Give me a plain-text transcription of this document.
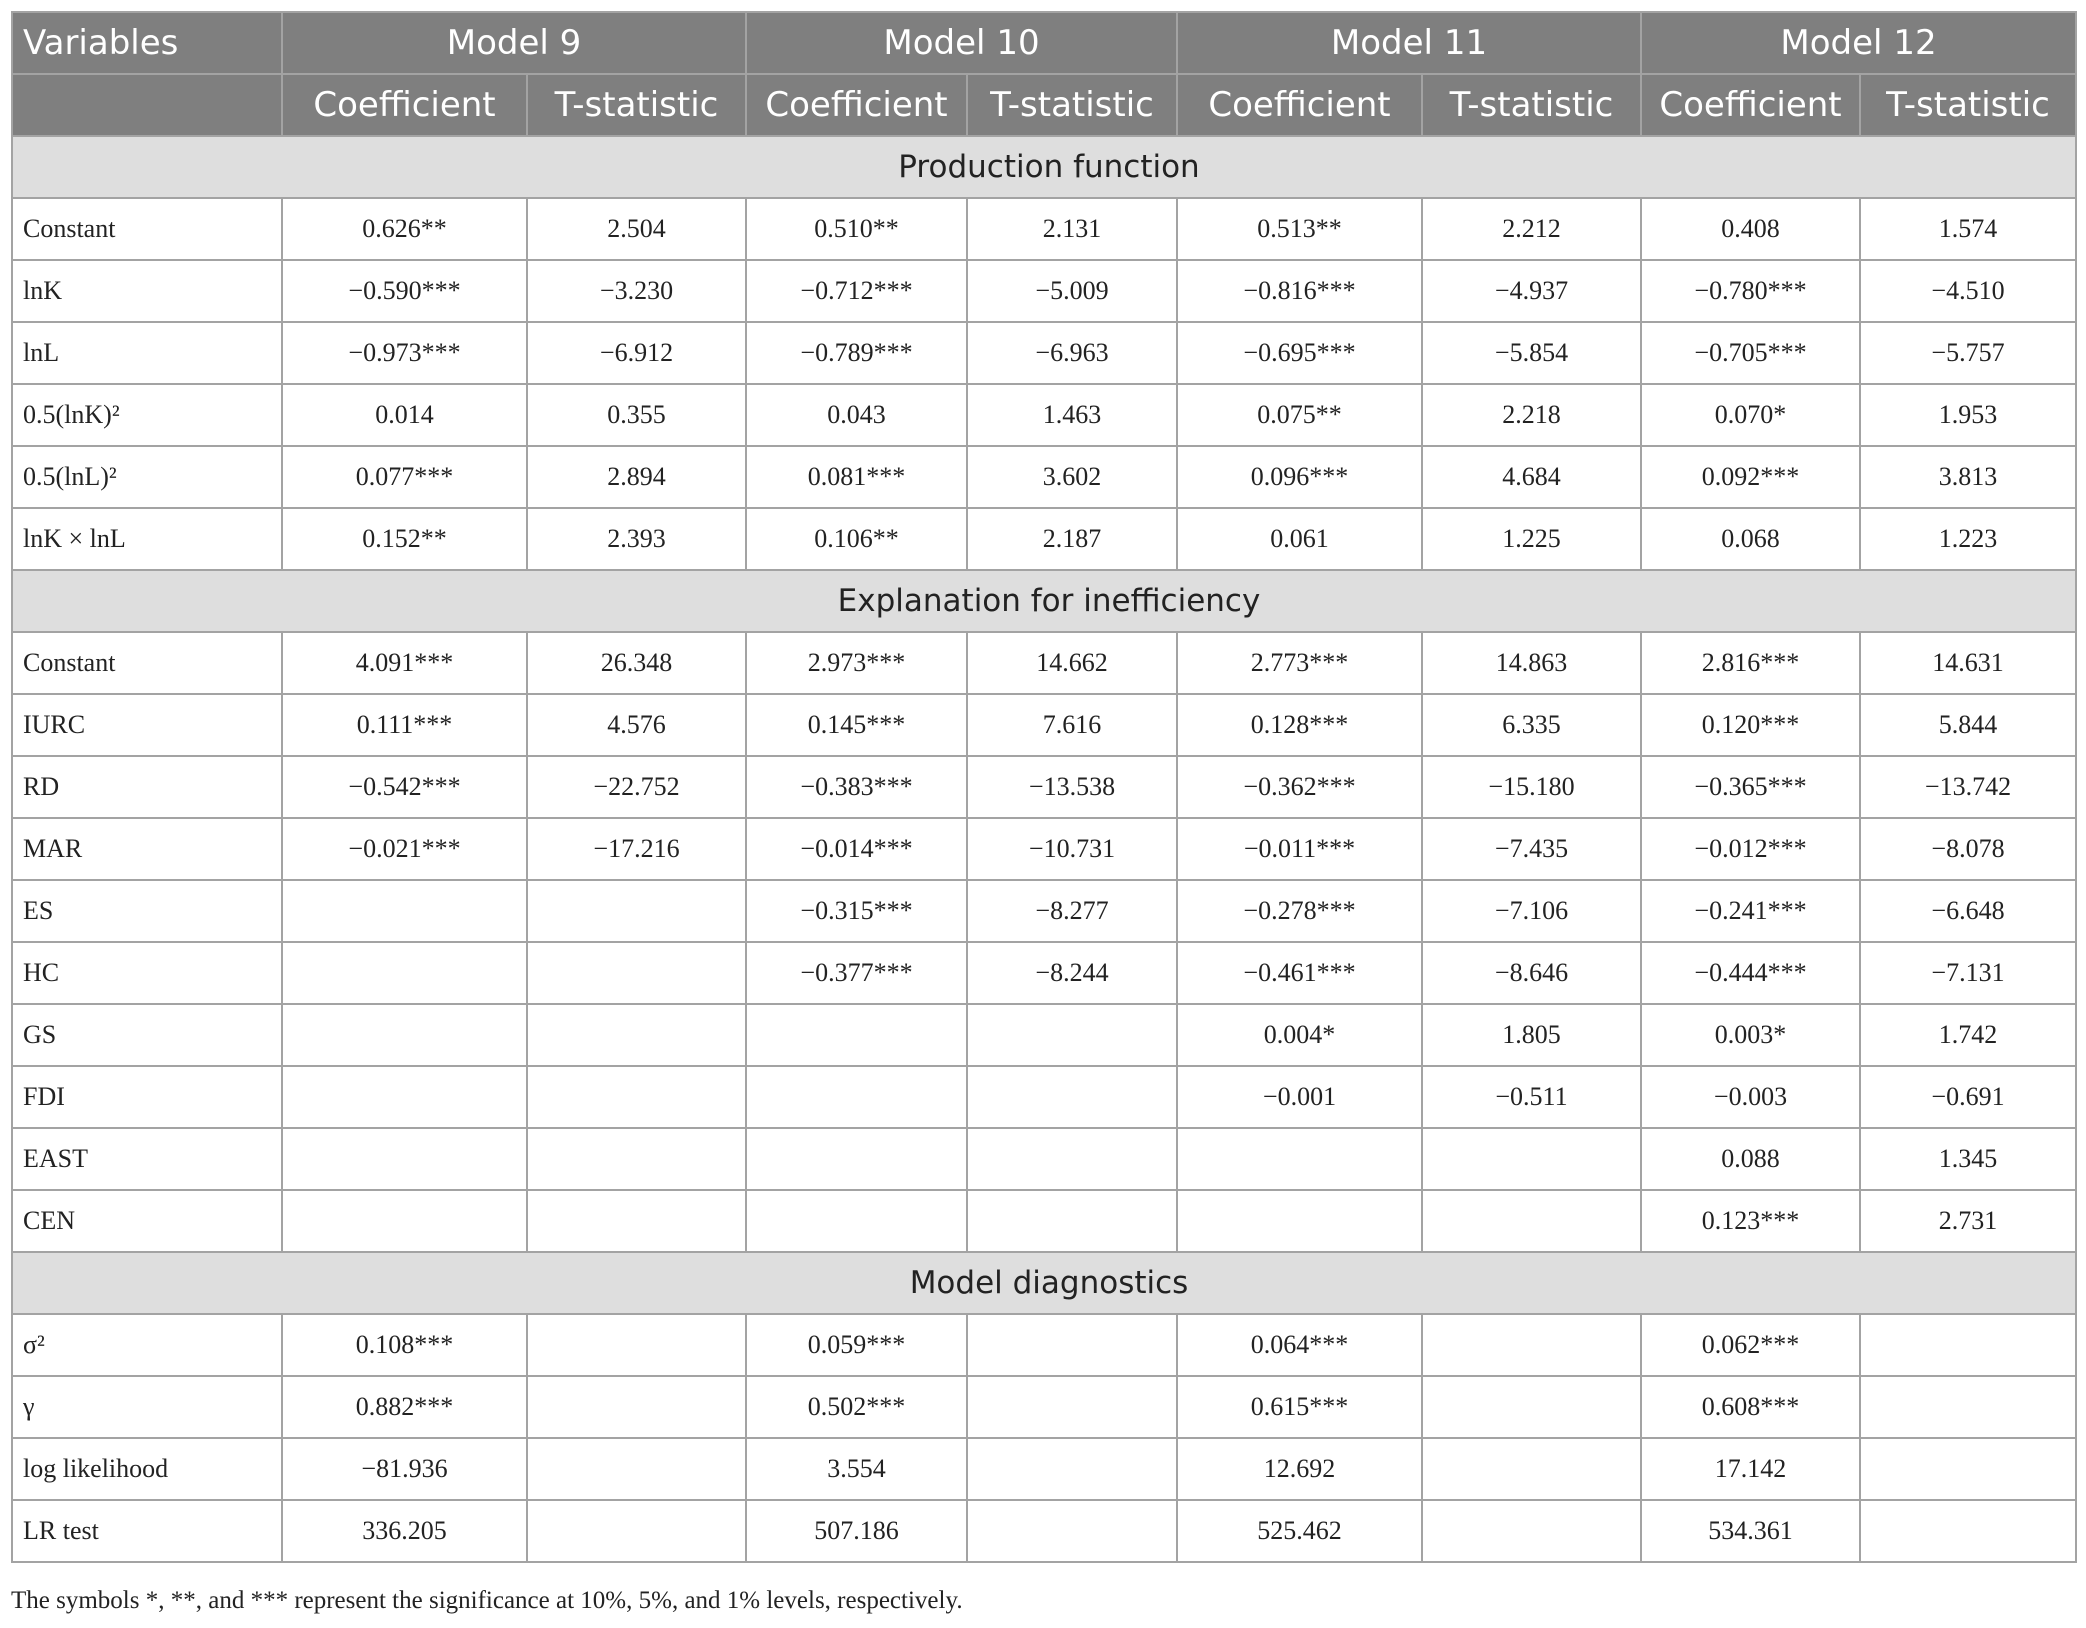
Variables	Model 9		Model 10		Model 11		Model 12	
	Coefficient	T-statistic	Coefficient	T-statistic	Coefficient	T-statistic	Coefficient	T-statistic
Production function								
Constant	0.626**	2.504	0.510**	2.131	0.513**	2.212	0.408	1.574
lnK	−0.590***	−3.230	−0.712***	−5.009	−0.816***	−4.937	−0.780***	−4.510
lnL	−0.973***	−6.912	−0.789***	−6.963	−0.695***	−5.854	−0.705***	−5.757
0.5(lnK)²	0.014	0.355	0.043	1.463	0.075**	2.218	0.070*	1.953
0.5(lnL)²	0.077***	2.894	0.081***	3.602	0.096***	4.684	0.092***	3.813
lnK × lnL	0.152**	2.393	0.106**	2.187	0.061	1.225	0.068	1.223
Explanation for inefficiency								
Constant	4.091***	26.348	2.973***	14.662	2.773***	14.863	2.816***	14.631
IURC	0.111***	4.576	0.145***	7.616	0.128***	6.335	0.120***	5.844
RD	−0.542***	−22.752	−0.383***	−13.538	−0.362***	−15.180	−0.365***	−13.742
MAR	−0.021***	−17.216	−0.014***	−10.731	−0.011***	−7.435	−0.012***	−8.078
ES			−0.315***	−8.277	−0.278***	−7.106	−0.241***	−6.648
HC			−0.377***	−8.244	−0.461***	−8.646	−0.444***	−7.131
GS					0.004*	1.805	0.003*	1.742
FDI					−0.001	−0.511	−0.003	−0.691
EAST							0.088	1.345
CEN							0.123***	2.731
Model diagnostics								
σ²	0.108***		0.059***		0.064***		0.062***	
γ	0.882***		0.502***		0.615***		0.608***	
log likelihood	−81.936		3.554		12.692		17.142	
LR test	336.205		507.186		525.462		534.361	
The symbols *, **, and *** represent the significance at 10%, 5%, and 1% levels, respectively.
